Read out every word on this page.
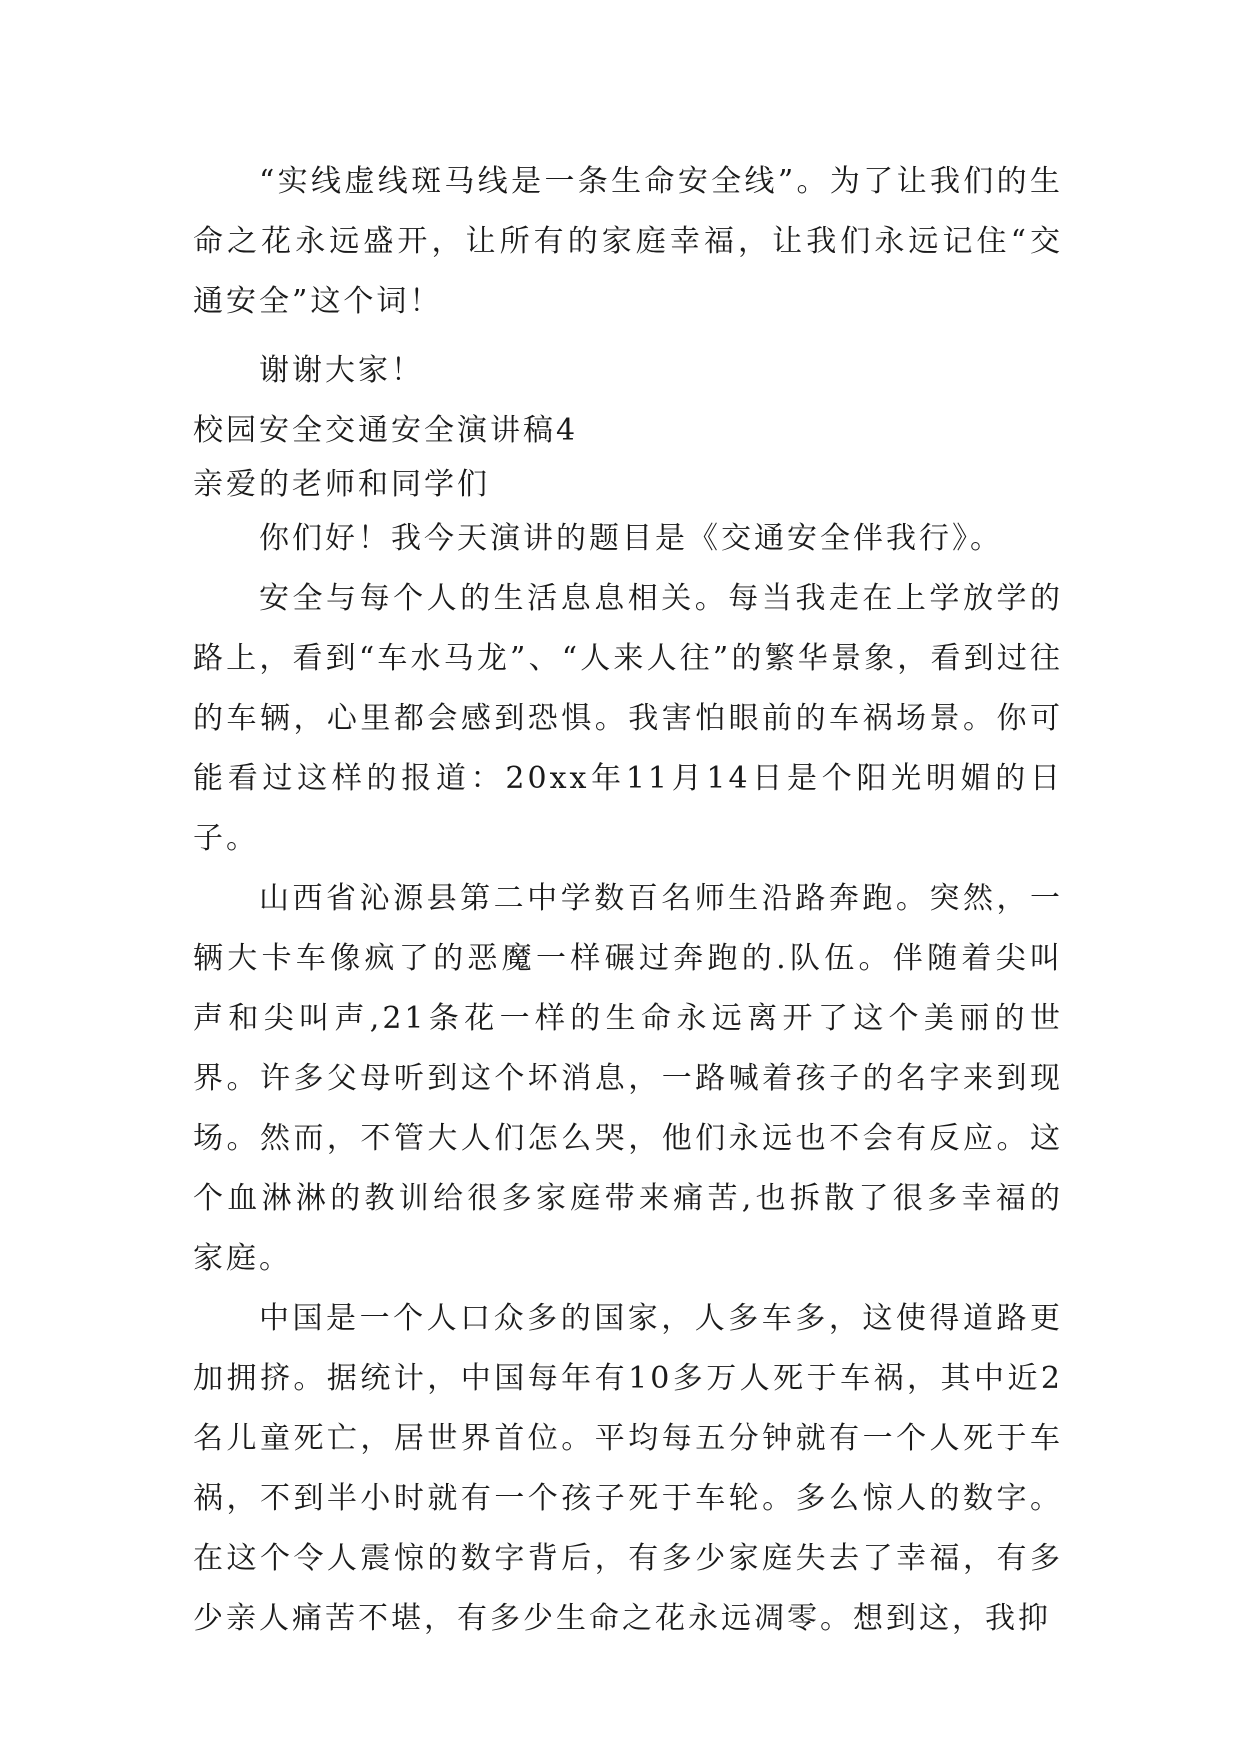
“实线虚线斑马线是一条生命安全线”。为了让我们的生命之花永远盛开，让所有的家庭幸福，让我们永远记住“交通安全”这个词！

谢谢大家！

校园安全交通安全演讲稿4

亲爱的老师和同学们

你们好！我今天演讲的题目是《交通安全伴我行》。

安全与每个人的生活息息相关。每当我走在上学放学的路上，看到“车水马龙”、“人来人往”的繁华景象，看到过往的车辆，心里都会感到恐惧。我害怕眼前的车祸场景。你可能看过这样的报道：20xx年11月14日是个阳光明媚的日子。

山西省沁源县第二中学数百名师生沿路奔跑。突然，一辆大卡车像疯了的恶魔一样碾过奔跑的.队伍。伴随着尖叫声和尖叫声,21条花一样的生命永远离开了这个美丽的世界。许多父母听到这个坏消息，一路喊着孩子的名字来到现场。然而，不管大人们怎么哭，他们永远也不会有反应。这个血淋淋的教训给很多家庭带来痛苦,也拆散了很多幸福的家庭。

中国是一个人口众多的国家，人多车多，这使得道路更加拥挤。据统计，中国每年有10多万人死于车祸，其中近2名儿童死亡，居世界首位。平均每五分钟就有一个人死于车祸，不到半小时就有一个孩子死于车轮。多么惊人的数字。在这个令人震惊的数字背后，有多少家庭失去了幸福，有多少亲人痛苦不堪，有多少生命之花永远凋零。想到这，我抑
